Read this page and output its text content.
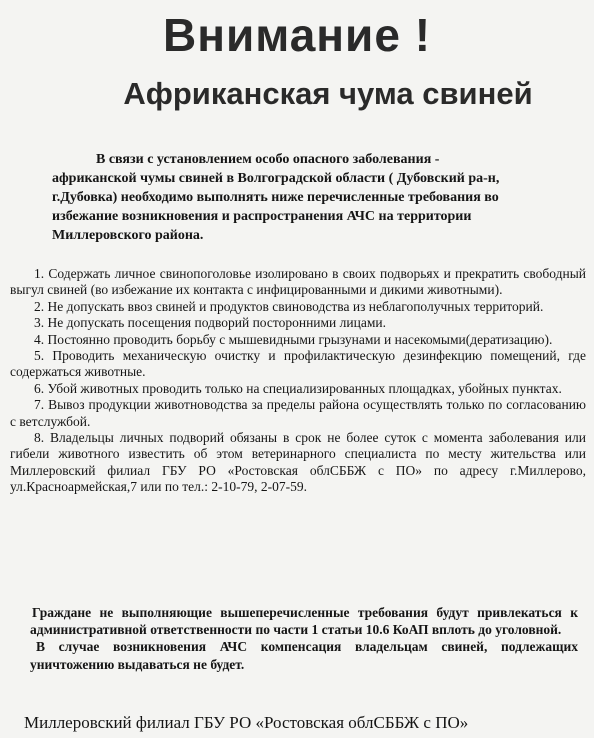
Внимание !
Африканская чума свиней
В связи с установлением особо опасного заболевания -
африканской чумы свиней в Волгоградской области ( Дубовский ра-н,
г.Дубовка) необходимо выполнять ниже перечисленные требования во
избежание возникновения и распространения АЧС на территории
Миллеровского района.

1. Содержать личное свинопоголовье изолировано в своих подворьях и прекратить свободный выгул свиней (во избежание их контакта с инфицированными и дикими животными).

2. Не допускать ввоз свиней и продуктов свиноводства из неблагополучных территорий.

3. Не допускать посещения подворий посторонними лицами.

4. Постоянно проводить борьбу с мышевидными грызунами и насекомыми(дератизацию).

5. Проводить механическую очистку и профилактическую дезинфекцию помещений, где содержаться животные.

6. Убой животных проводить только на специализированных площадках, убойных пунктах.

7. Вывоз продукции животноводства за пределы района осуществлять только по согласованию с ветслужбой.

8. Владельцы личных подворий обязаны в срок не более суток с момента заболевания или гибели животного известить об этом ветеринарного специалиста по месту жительства или Миллеровский филиал ГБУ РО «Ростовская облСББЖ с ПО» по адресу г.Миллерово, ул.Красноармейская,7 или по тел.: 2-10-79, 2-07-59.

Граждане не выполняющие вышеперечисленные требования будут привлекаться к административной ответственности по части 1 статьи 10.6 КоАП вплоть до уголовной.

В случае возникновения АЧС компенсация владельцам свиней, подлежащих уничтожению выдаваться не будет.

Миллеровский филиал ГБУ РО «Ростовская облСББЖ с ПО»
